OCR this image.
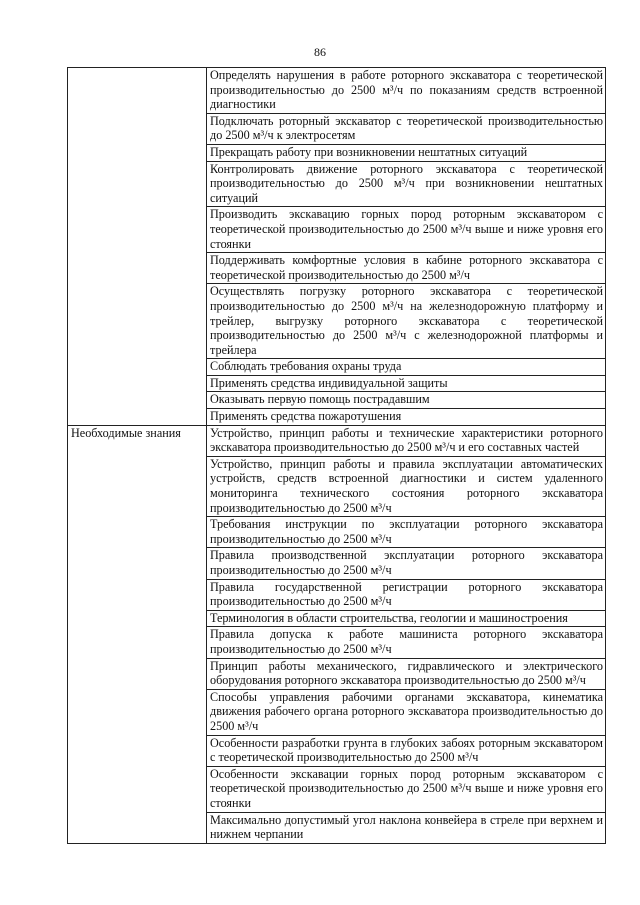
86

	Определять нарушения в работе роторного экскаватора с теоретической производительностью до 2500 м³/ч по показаниям средств встроенной диагностики

	Подключать роторный экскаватор с теоретической производительностью до 2500 м³/ч к электросетям

	Прекращать работу при возникновении нештатных ситуаций

	Контролировать движение роторного экскаватора с теоретической производительностью до 2500 м³/ч при возникновении нештатных ситуаций

	Производить экскавацию горных пород роторным экскаватором с теоретической производительностью до 2500 м³/ч выше и ниже уровня его стоянки

	Поддерживать комфортные условия в кабине роторного экскаватора с теоретической производительностью до 2500 м³/ч

	Осуществлять погрузку роторного экскаватора с теоретической производительностью до 2500 м³/ч на железнодорожную платформу и трейлер, выгрузку роторного экскаватора с теоретической производительностью до 2500 м³/ч с железнодорожной платформы и трейлера

	Соблюдать требования охраны труда

	Применять средства индивидуальной защиты

	Оказывать первую помощь пострадавшим

	Применять средства пожаротушения

Необходимые знания	Устройство, принцип работы и технические характеристики роторного экскаватора производительностью до 2500 м³/ч и его составных частей

	Устройство, принцип работы и правила эксплуатации автоматических устройств, средств встроенной диагностики и систем удаленного мониторинга технического состояния роторного экскаватора производительностью до 2500 м³/ч

	Требования инструкции по эксплуатации роторного экскаватора производительностью до 2500 м³/ч

	Правила производственной эксплуатации роторного экскаватора производительностью до 2500 м³/ч

	Правила государственной регистрации роторного экскаватора производительностью до 2500 м³/ч

	Терминология в области строительства, геологии и машиностроения

	Правила допуска к работе машиниста роторного экскаватора производительностью до 2500 м³/ч

	Принцип работы механического, гидравлического и электрического оборудования роторного экскаватора производительностью до 2500 м³/ч

	Способы управления рабочими органами экскаватора, кинематика движения рабочего органа роторного экскаватора производительностью до 2500 м³/ч

	Особенности разработки грунта в глубоких забоях роторным экскаватором с теоретической производительностью до 2500 м³/ч

	Особенности экскавации горных пород роторным экскаватором с теоретической производительностью до 2500 м³/ч выше и ниже уровня его стоянки

	Максимально допустимый угол наклона конвейера в стреле при верхнем и нижнем черпании
